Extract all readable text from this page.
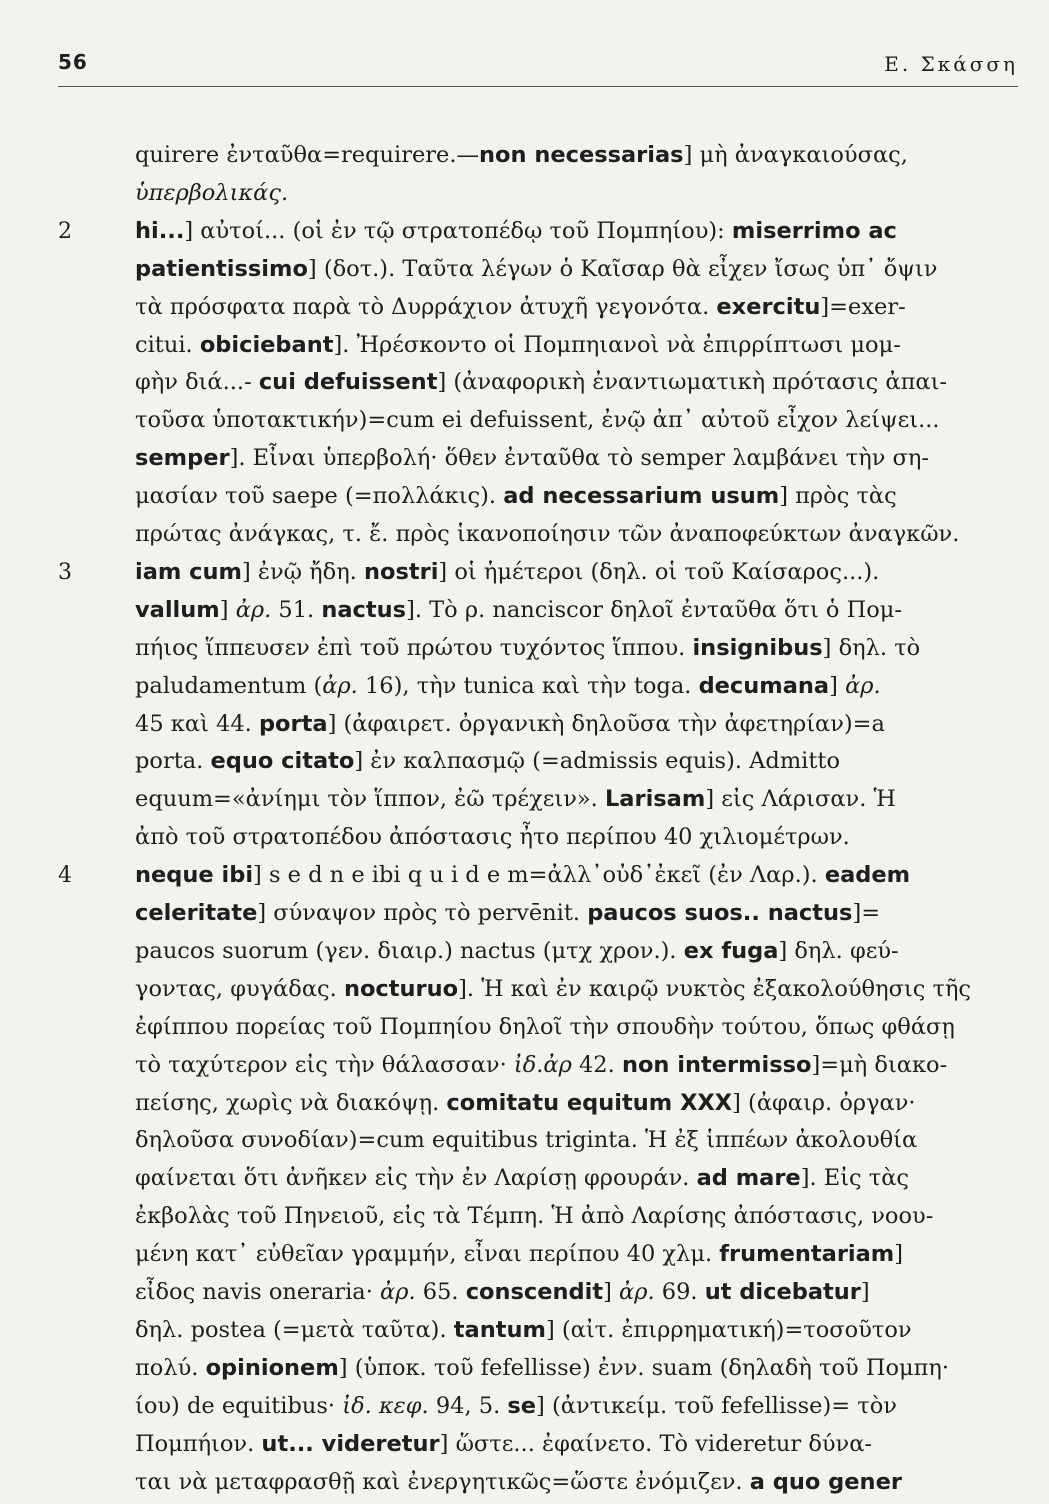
56	Ε. Σκάσση
quirere ἐνταῦθα=requirere.—non necessarias] μὴ ἀναγκαιούσας,
ὑπερβολικάς.
hi...] αὐτοί... (οἱ ἐν τῷ στρατοπέδῳ τοῦ Πομπηίου): miserrimo ac
patientissimo] (δοτ.). Ταῦτα λέγων ὁ Καῖσαρ θὰ εἶχεν ἴσως ὑπ᾽ ὄψιν
τὰ πρόσφατα παρὰ τὸ Δυρράχιον ἀτυχῆ γεγονότα. exercitu]=exer-
citui. obiciebant]. Ἠρέσκοντο οἱ Πομπηιανοὶ νὰ ἐπιρρίπτωσι μομ-
φὴν διά...- cui defuissent] (ἀναφορικὴ ἐναντιωματικὴ πρότασις ἀπαι-
τοῦσα ὑποτακτικήν)=cum ei defuissent, ἐνῷ ἀπ᾽ αὐτοῦ εἶχον λείψει...
semper]. Εἶναι ὑπερβολή· ὅθεν ἐνταῦθα τὸ semper λαμβάνει τὴν ση-
μασίαν τοῦ saepe (=πολλάκις). ad necessarium usum] πρὸς τὰς
πρώτας ἀνάγκας, τ. ἔ. πρὸς ἱκανοποίησιν τῶν ἀναποφεύκτων ἀναγκῶν.
iam cum] ἐνῷ ἤδη. nostri] οἱ ἡμέτεροι (δηλ. οἱ τοῦ Καίσαρος...).
vallum] ἀρ. 51. nactus]. Τὸ ρ. nanciscor δηλοῖ ἐνταῦθα ὅτι ὁ Πομ-
πήιος ἵππευσεν ἐπὶ τοῦ πρώτου τυχόντος ἵππου. insignibus] δηλ. τὸ
paludamentum (ἀρ. 16), τὴν tunica καὶ τὴν toga. decumana] ἀρ.
45 καὶ 44. porta] (ἀφαιρετ. ὀργανικὴ δηλοῦσα τὴν ἀφετηρίαν)=a
porta. equo citato] ἐν καλπασμῷ (=admissis equis). Admitto
equum=«ἀνίημι τὸν ἵππον, ἐῶ τρέχειν». Larisam] εἰς Λάρισαν. Ἡ
ἀπὸ τοῦ στρατοπέδου ἀπόστασις ἦτο περίπου 40 χιλιομέτρων.
neque ibi] s e d n e ibi q u i d e m=ἀλλ᾽οὐδ᾽ἐκεῖ (ἐν Λαρ.). eadem
celeritate] σύναψον πρὸς τὸ pervēnit. paucos suos.. nactus]=
paucos suorum (γεν. διαιρ.) nactus (μτχ χρον.). ex fuga] δηλ. φεύ-
γοντας, φυγάδας. nocturuo]. Ἡ καὶ ἐν καιρῷ νυκτὸς ἐξακολούθησις τῆς
ἐφίππου πορείας τοῦ Πομπηίου δηλοῖ τὴν σπουδὴν τούτου, ὅπως φθάσῃ
τὸ ταχύτερον εἰς τὴν θάλασσαν· ἰδ.ἀρ 42. non intermisso]=μὴ διακο-
πείσης, χωρὶς νὰ διακόψῃ. comitatu equitum XXX] (ἀφαιρ. ὀργαν·
δηλοῦσα συνοδίαν)=cum equitibus triginta. Ἡ ἐξ ἱππέων ἀκολουθία
φαίνεται ὅτι ἀνῆκεν εἰς τὴν ἐν Λαρίσῃ φρουράν. ad mare]. Εἰς τὰς
ἐκβολὰς τοῦ Πηνειοῦ, εἰς τὰ Τέμπη. Ἡ ἀπὸ Λαρίσης ἀπόστασις, νοου-
μένη κατ᾽ εὐθεῖαν γραμμήν, εἶναι περίπου 40 χλμ. frumentariam]
εἶδος navis oneraria· ἀρ. 65. conscendit] ἀρ. 69. ut dicebatur]
δηλ. postea (=μετὰ ταῦτα). tantum] (αἰτ. ἐπιρρηματική)=τοσοῦτον
πολύ. opinionem] (ὑποκ. τοῦ fefellisse) ἐνν. suam (δηλαδὴ τοῦ Πομπη·
ίου) de equitibus· ἰδ. κεφ. 94, 5. se] (ἀντικείμ. τοῦ fefellisse)= τὸν
Πομπήιον. ut... videretur] ὥστε... ἐφαίνετο. Τὸ videretur δύνα-
ται νὰ μεταφρασθῇ καὶ ἐνεργητικῶς=ὥστε ἐνόμιζεν. a quo gener
2
3
4
